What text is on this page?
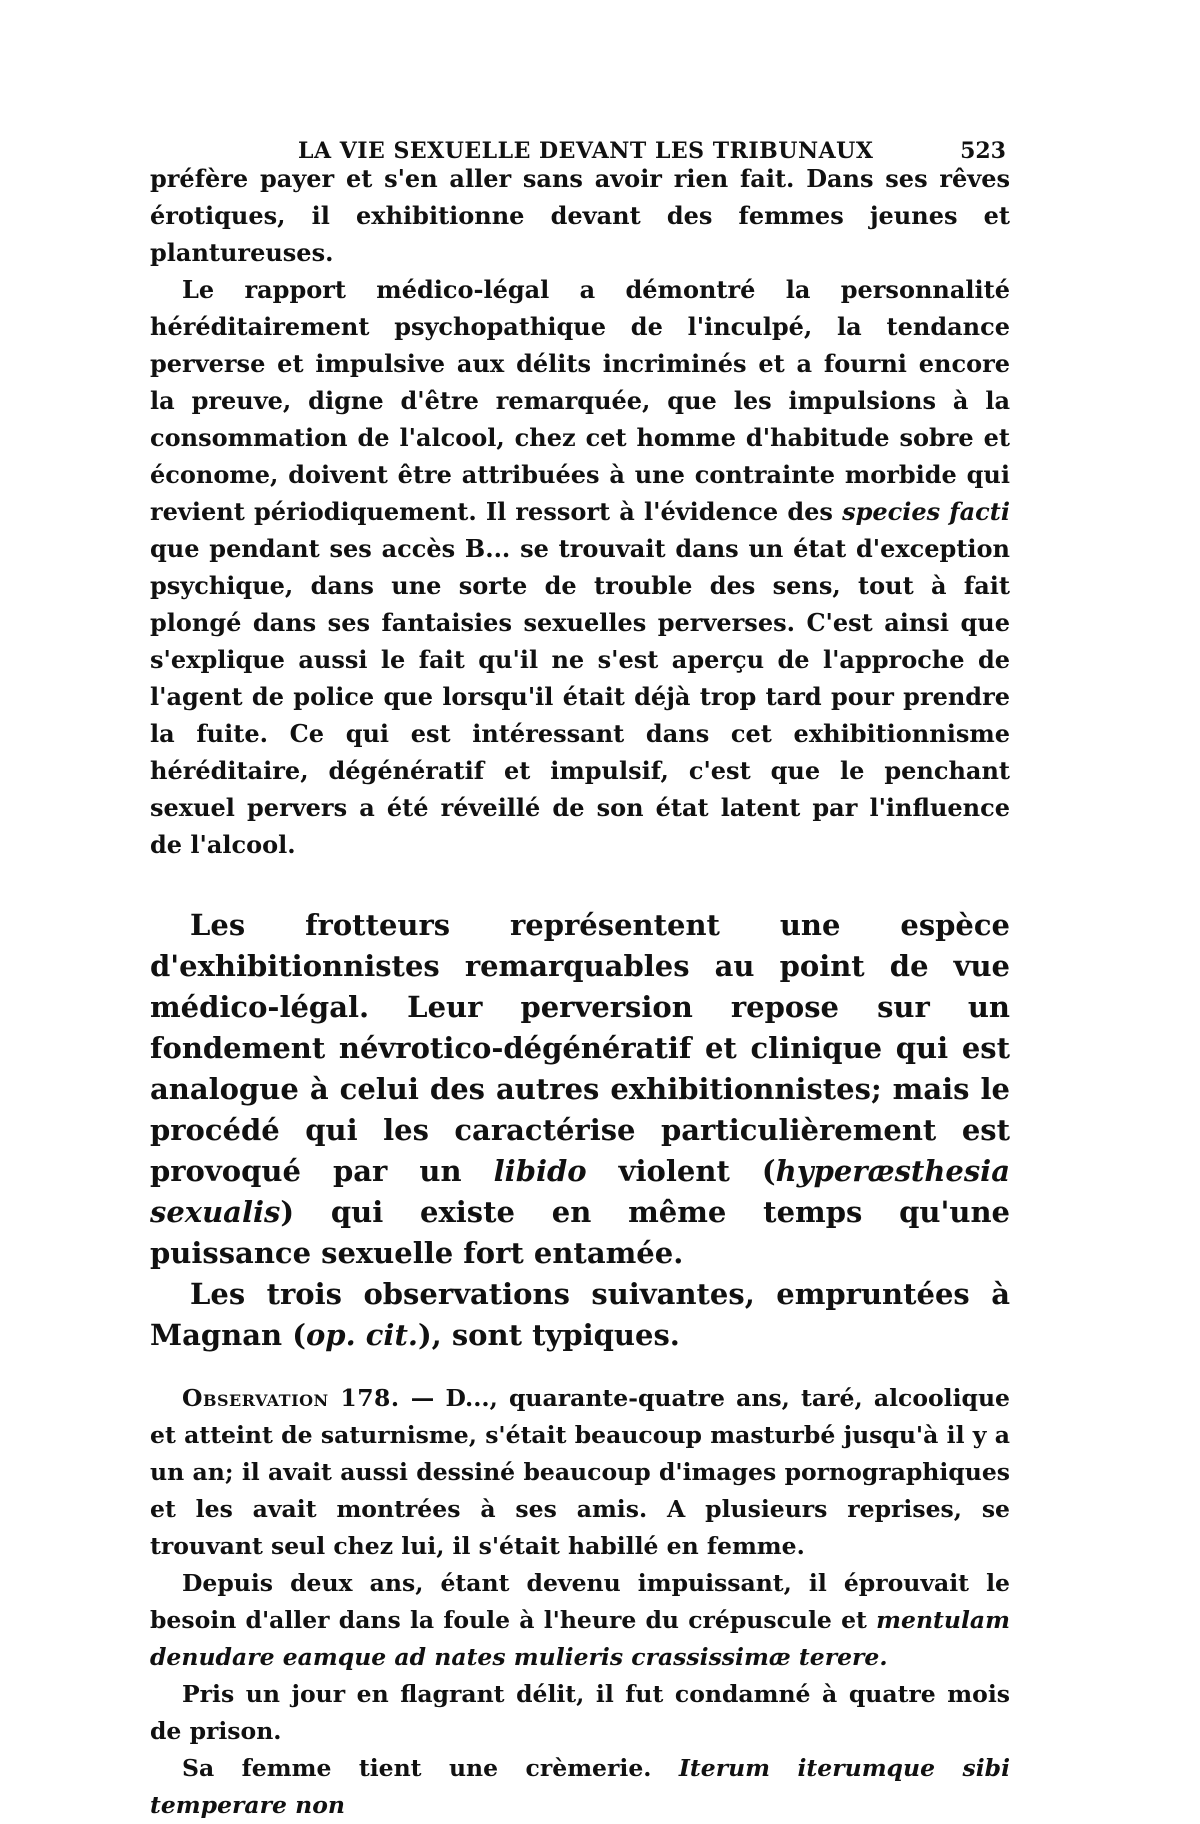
LA VIE SEXUELLE DEVANT LES TRIBUNAUX	523

préfère payer et s'en aller sans avoir rien fait. Dans ses rêves érotiques, il exhibitionne devant des femmes jeunes et plantureuses.

Le rapport médico-légal a démontré la personnalité héréditairement psychopathique de l'inculpé, la tendance perverse et impulsive aux délits incriminés et a fourni encore la preuve, digne d'être remarquée, que les impulsions à la consommation de l'alcool, chez cet homme d'habitude sobre et économe, doivent être attribuées à une contrainte morbide qui revient périodiquement. Il ressort à l'évidence des species facti que pendant ses accès B... se trouvait dans un état d'exception psychique, dans une sorte de trouble des sens, tout à fait plongé dans ses fantaisies sexuelles perverses. C'est ainsi que s'explique aussi le fait qu'il ne s'est aperçu de l'approche de l'agent de police que lorsqu'il était déjà trop tard pour prendre la fuite. Ce qui est intéressant dans cet exhibitionnisme héréditaire, dégénératif et impulsif, c'est que le penchant sexuel pervers a été réveillé de son état latent par l'influence de l'alcool.

Les frotteurs représentent une espèce d'exhibitionnistes remarquables au point de vue médico-légal. Leur perversion repose sur un fondement névrotico-dégénératif et clinique qui est analogue à celui des autres exhibitionnistes; mais le procédé qui les caractérise particulièrement est provoqué par un libido violent (hyperæsthesia sexualis) qui existe en même temps qu'une puissance sexuelle fort entamée.

Les trois observations suivantes, empruntées à Magnan (op. cit.), sont typiques.

Observation 178. — D..., quarante-quatre ans, taré, alcoolique et atteint de saturnisme, s'était beaucoup masturbé jusqu'à il y a un an; il avait aussi dessiné beaucoup d'images pornographiques et les avait montrées à ses amis. A plusieurs reprises, se trouvant seul chez lui, il s'était habillé en femme.

Depuis deux ans, étant devenu impuissant, il éprouvait le besoin d'aller dans la foule à l'heure du crépuscule et mentulam denudare eamque ad nates mulieris crassissimæ terere.

Pris un jour en flagrant délit, il fut condamné à quatre mois de prison.

Sa femme tient une crèmerie. Iterum iterumque sibi temperare non
